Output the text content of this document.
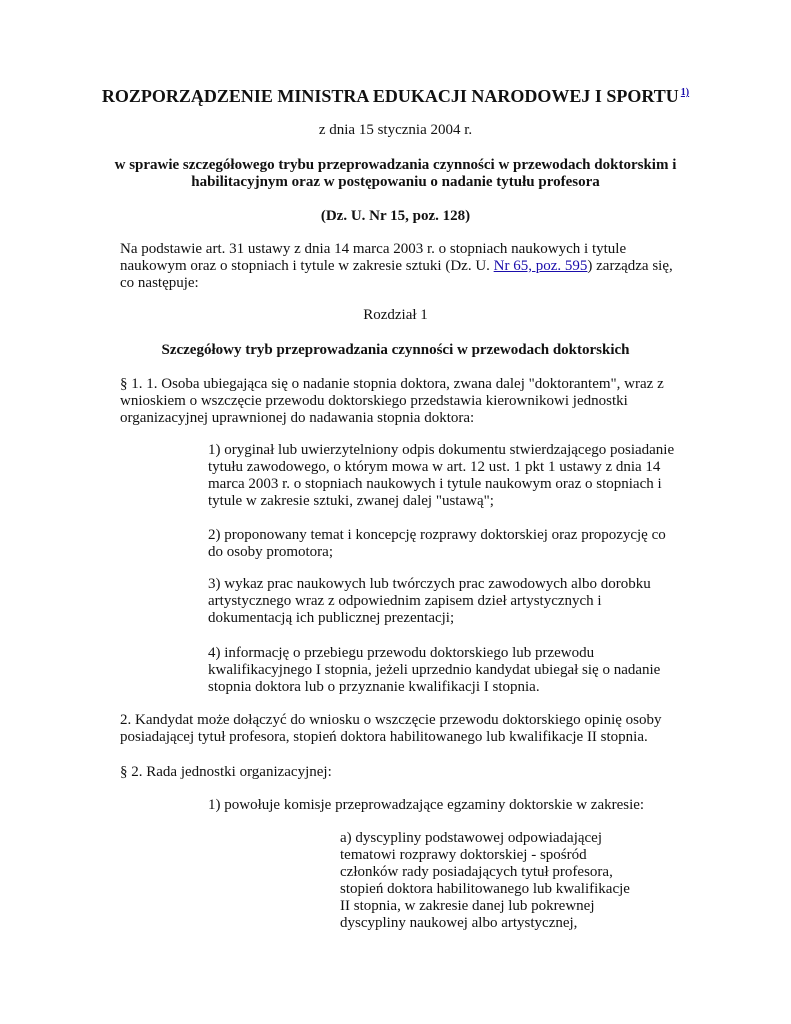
ROZPORZĄDZENIE MINISTRA EDUKACJI NARODOWEJ I SPORTU $^{1)}$
z dnia 15 stycznia 2004 r.
w sprawie szczegółowego trybu przeprowadzania czynności w przewodach doktorskim i habilitacyjnym oraz w postępowaniu o nadanie tytułu profesora
(Dz. U. Nr 15, poz. 128)
Na podstawie art. 31 ustawy z dnia 14 marca 2003 r. o stopniach naukowych i tytule naukowym oraz o stopniach i tytule w zakresie sztuki (Dz. U. Nr 65, poz. 595) zarządza się, co następuje:
Rozdział 1
Szczegółowy tryb przeprowadzania czynności w przewodach doktorskich
§ 1. 1. Osoba ubiegająca się o nadanie stopnia doktora, zwana dalej "doktorantem", wraz z wnioskiem o wszczęcie przewodu doktorskiego przedstawia kierownikowi jednostki organizacyjnej uprawnionej do nadawania stopnia doktora:
1) oryginał lub uwierzytelniony odpis dokumentu stwierdzającego posiadanie tytułu zawodowego, o którym mowa w art. 12 ust. 1 pkt 1 ustawy z dnia 14 marca 2003 r. o stopniach naukowych i tytule naukowym oraz o stopniach i tytule w zakresie sztuki, zwanej dalej "ustawą";
2) proponowany temat i koncepcję rozprawy doktorskiej oraz propozycję co do osoby promotora;
3) wykaz prac naukowych lub twórczych prac zawodowych albo dorobku artystycznego wraz z odpowiednim zapisem dzieł artystycznych i dokumentacją ich publicznej prezentacji;
4) informację o przebiegu przewodu doktorskiego lub przewodu kwalifikacyjnego I stopnia, jeżeli uprzednio kandydat ubiegał się o nadanie stopnia doktora lub o przyznanie kwalifikacji I stopnia.
2. Kandydat może dołączyć do wniosku o wszczęcie przewodu doktorskiego opinię osoby posiadającej tytuł profesora, stopień doktora habilitowanego lub kwalifikacje II stopnia.
§ 2. Rada jednostki organizacyjnej:
1) powołuje komisje przeprowadzające egzaminy doktorskie w zakresie:
a) dyscypliny podstawowej odpowiadającej tematowi rozprawy doktorskiej - spośród członków rady posiadających tytuł profesora, stopień doktora habilitowanego lub kwalifikacje II stopnia, w zakresie danej lub pokrewnej dyscypliny naukowej albo artystycznej,
